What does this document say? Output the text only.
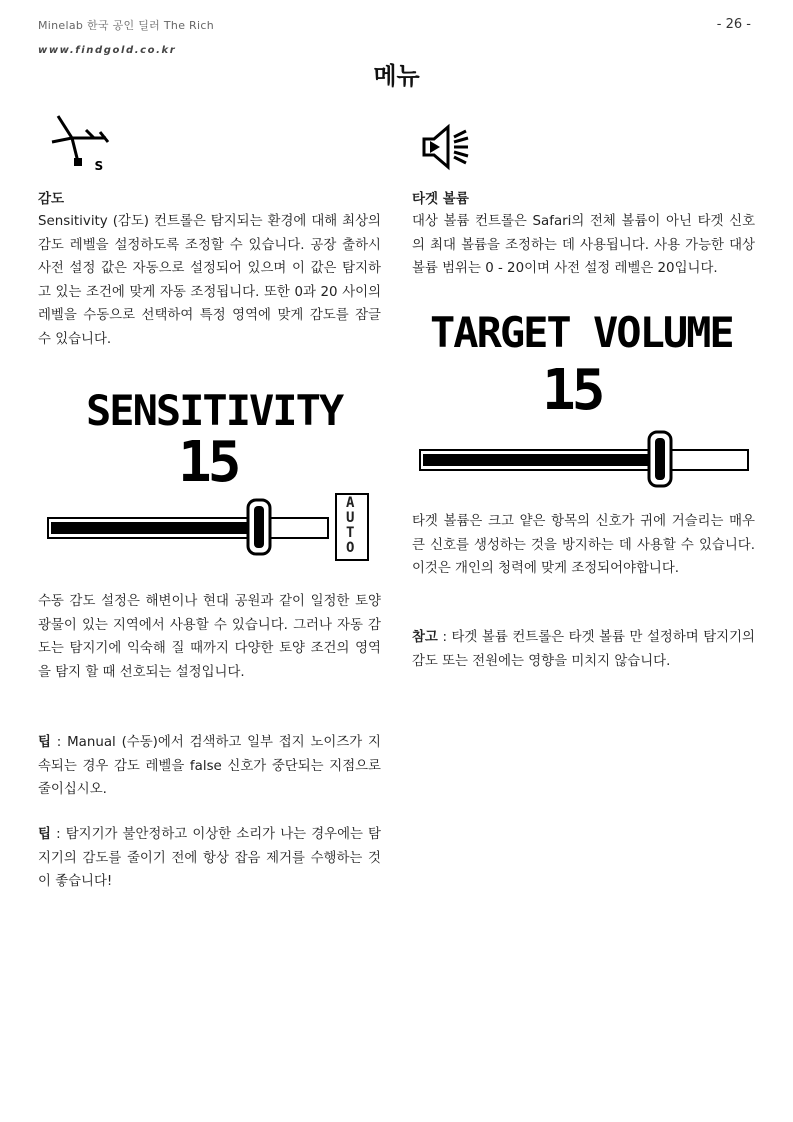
Minelab 한국 공인 딜러 The Rich
www.findgold.co.kr
- 26 -
메뉴
s

감도

Sensitivity (감도) 컨트롤은 탐지되는 환경에 대해 최상의 감도 레벨을 설정하도록 조정할 수 있습니다. 공장 출하시 사전 설정 값은 자동으로 설정되어 있으며 이 값은 탐지하고 있는 조건에 맞게 자동 조정됩니다. 또한 0과 20 사이의 레벨을 수동으로 선택하여 특정 영역에 맞게 감도를 잠글 수 있습니다.

SENSITIVITY
15
AUTO

수동 감도 설정은 해변이나 현대 공원과 같이 일정한 토양 광물이 있는 지역에서 사용할 수 있습니다. 그러나 자동 감도는 탐지기에 익숙해 질 때까지 다양한 토양 조건의 영역을 탐지 할 때 선호되는 설정입니다.

팁 : Manual (수동)에서 검색하고 일부 접지 노이즈가 지속되는 경우 감도 레벨을 false 신호가 중단되는 지점으로 줄이십시오.

팁 : 탐지기가 불안정하고 이상한 소리가 나는 경우에는 탐지기의 감도를 줄이기 전에 항상 잡음 제거를 수행하는 것이 좋습니다!

타겟 볼륨

대상 볼륨 컨트롤은 Safari의 전체 볼륨이 아닌 타겟 신호의 최대 볼륨을 조정하는 데 사용됩니다. 사용 가능한 대상 볼륨 범위는 0 - 20이며 사전 설정 레벨은 20입니다.

TARGET VOLUME
15

타겟 볼륨은 크고 얕은 항목의 신호가 귀에 거슬리는 매우 큰 신호를 생성하는 것을 방지하는 데 사용할 수 있습니다. 이것은 개인의 청력에 맞게 조정되어야합니다.

참고 : 타겟 볼륨 컨트롤은 타겟 볼륨 만 설정하며 탐지기의 감도 또는 전원에는 영향을 미치지 않습니다.
